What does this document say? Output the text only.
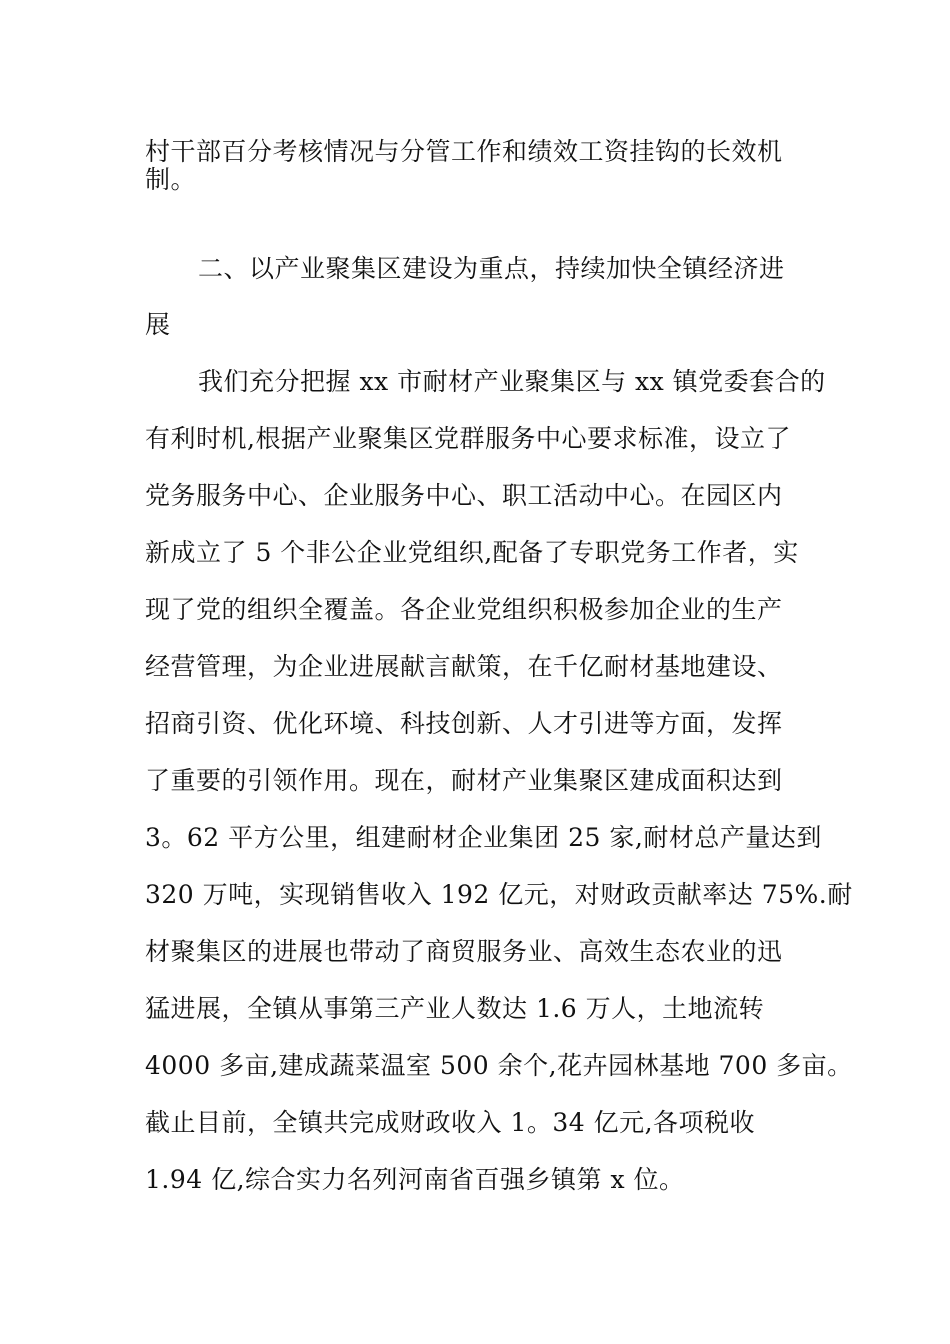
村干部百分考核情况与分管工作和绩效工资挂钩的长效机
制。
二、以产业聚集区建设为重点，持续加快全镇经济进
展
我们充分把握 xx 市耐材产业聚集区与 xx 镇党委套合的
有利时机,根据产业聚集区党群服务中心要求标准，设立了
党务服务中心、企业服务中心、职工活动中心。在园区内
新成立了 5 个非公企业党组织,配备了专职党务工作者，实
现了党的组织全覆盖。各企业党组织积极参加企业的生产
经营管理，为企业进展献言献策，在千亿耐材基地建设、
招商引资、优化环境、科技创新、人才引进等方面，发挥
了重要的引领作用。现在，耐材产业集聚区建成面积达到
3。62 平方公里，组建耐材企业集团 25 家,耐材总产量达到
320 万吨，实现销售收入 192 亿元，对财政贡献率达 75%.耐
材聚集区的进展也带动了商贸服务业、高效生态农业的迅
猛进展，全镇从事第三产业人数达 1.6 万人，土地流转
4000 多亩,建成蔬菜温室 500 余个,花卉园林基地 700 多亩。
截止目前，全镇共完成财政收入 1。34 亿元,各项税收
1.94 亿,综合实力名列河南省百强乡镇第 x 位。
